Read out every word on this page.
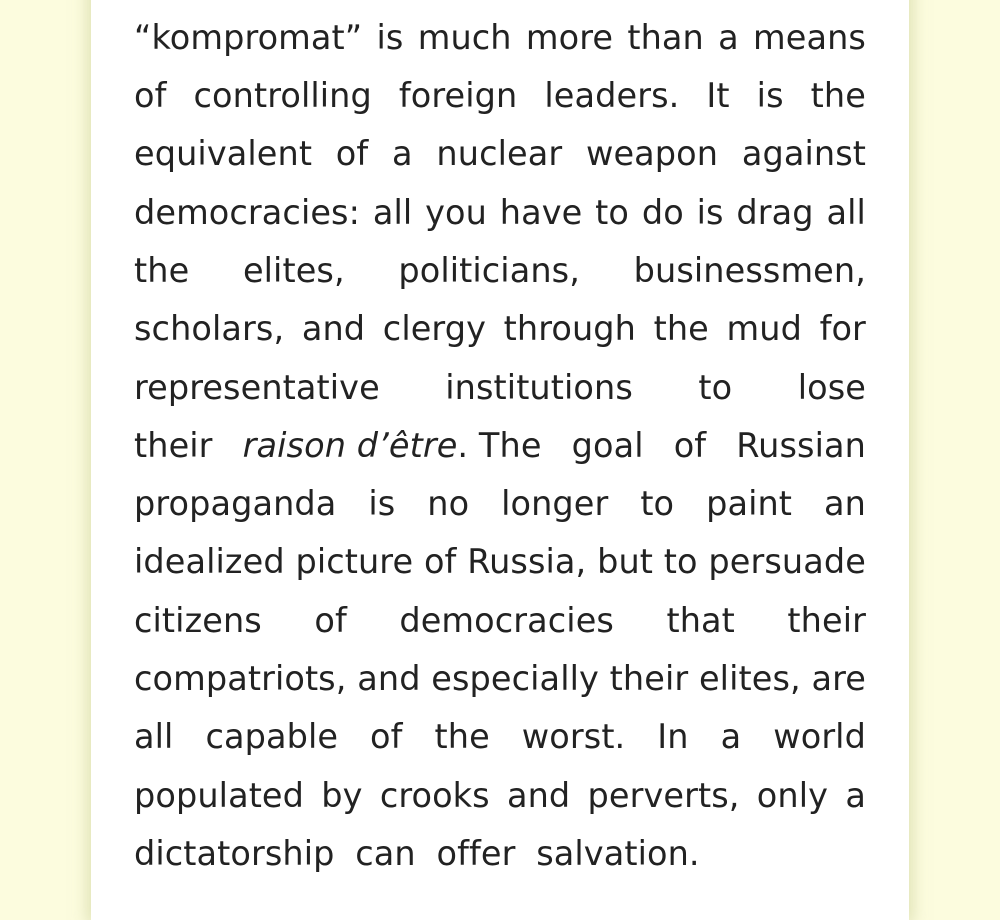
“kompromat” is much more than a means
of controlling foreign leaders. It is the
equivalent of a nuclear weapon against
democracies: all you have to do is drag all
the elites, politicians, businessmen,
scholars, and clergy through the mud for
representative institutions to lose
their raison d’être. The goal of Russian
propaganda is no longer to paint an
idealized picture of Russia, but to persuade
citizens of democracies that their
compatriots, and especially their elites, are
all capable of the worst. In a world
populated by crooks and perverts, only a
dictatorship can offer salvation.
